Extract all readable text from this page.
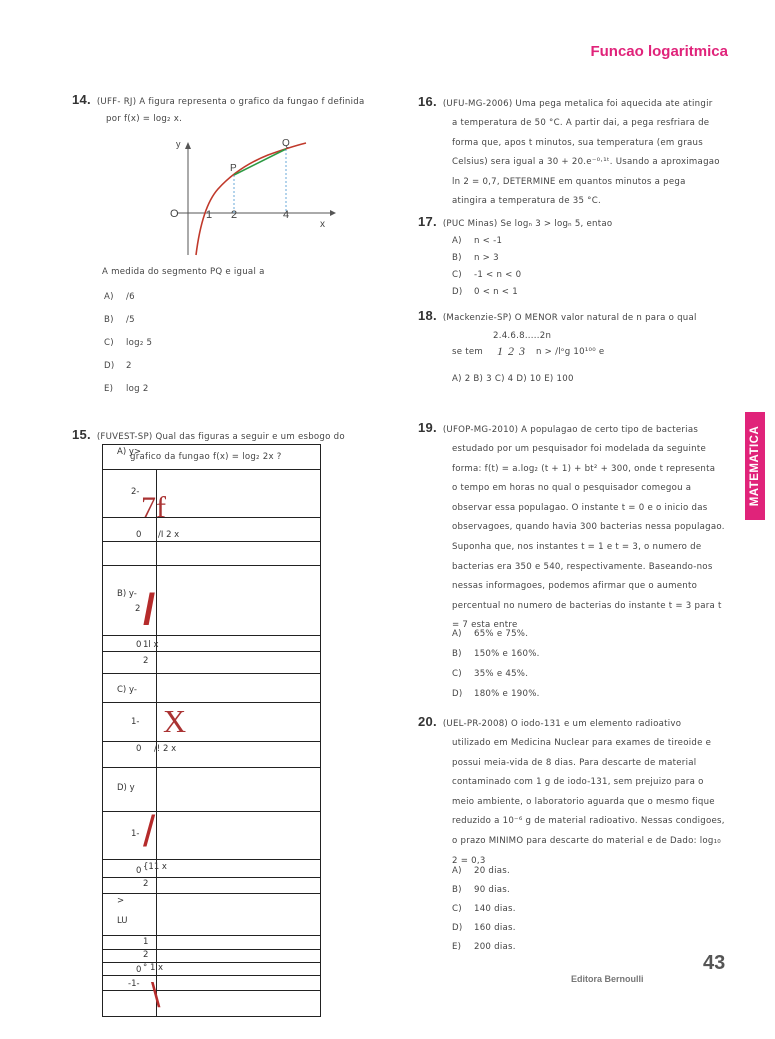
Funcao logaritmica
MATEMATICA
14. (UFF- RJ) A figura representa o grafico da fungao f definida
por f(x) = log₂ x.
y
x
O 1 2	4
P
Q
A medida do segmento PQ e igual a
A) /6
B) /5
C) log₂ 5
D) 2
E) log 2
15. (FUVEST-SP) Qual das figuras a seguir e um esbogo do
grafico da fungao f(x) = log₂ 2x ?
A) y>
2- 7f
0 /I 2 x
B) y-
2 /
0 1l x
2
C) y-
1- X
0 /! 2 x
D) y
1- /
0 {11 x
2
>
LU
1
2
0 ° 1 x
-1- \
16. (UFU-MG-2006) Uma pega metalica foi aquecida ate atingir
a temperatura de 50 °C. A partir dai, a pega resfriara de
forma que, apos t minutos, sua temperatura (em graus
Celsius) sera igual a 30 + 20.e⁻⁰·¹ᵗ. Usando a aproximagao
ln 2 = 0,7, DETERMINE em quantos minutos a pega
atingira a temperatura de 35 °C.
17. (PUC Minas) Se logₙ 3 > logₙ 5, entao
A) n < -1
B) n > 3
C) -1 < n < 0
D) 0 < n < 1
18. (Mackenzie-SP) O MENOR valor natural de n para o qual
2.4.6.8.....2n
se tem 1 2 3 n > /lᵒg 10¹⁰⁰ e
A) 2 B) 3 C) 4 D) 10 E) 100
19. (UFOP-MG-2010) A populagao de certo tipo de bacterias
estudado por um pesquisador foi modelada da seguinte
forma: f(t) = a.log₂ (t + 1) + bt² + 300, onde t representa
o tempo em horas no qual o pesquisador comegou a
observar essa populagao. O instante t = 0 e o inicio das
observagoes, quando havia 300 bacterias nessa populagao.
Suponha que, nos instantes t = 1 e t = 3, o numero de
bacterias era 350 e 540, respectivamente. Baseando-nos
nessas informagoes, podemos afirmar que o aumento
percentual no numero de bacterias do instante t = 3 para t
= 7 esta entre
A) 65% e 75%.
B) 150% e 160%.
C) 35% e 45%.
D) 180% e 190%.
20. (UEL-PR-2008) O iodo-131 e um elemento radioativo
utilizado em Medicina Nuclear para exames de tireoide e
possui meia-vida de 8 dias. Para descarte de material
contaminado com 1 g de iodo-131, sem prejuizo para o
meio ambiente, o laboratorio aguarda que o mesmo fique
reduzido a 10⁻⁶ g de material radioativo. Nessas condigoes,
o prazo MINIMO para descarte do material e de Dado: log₁₀
2 = 0,3
A) 20 dias.
B) 90 dias.
C) 140 dias.
D) 160 dias.
E) 200 dias.
Editora Bernoulli
43
